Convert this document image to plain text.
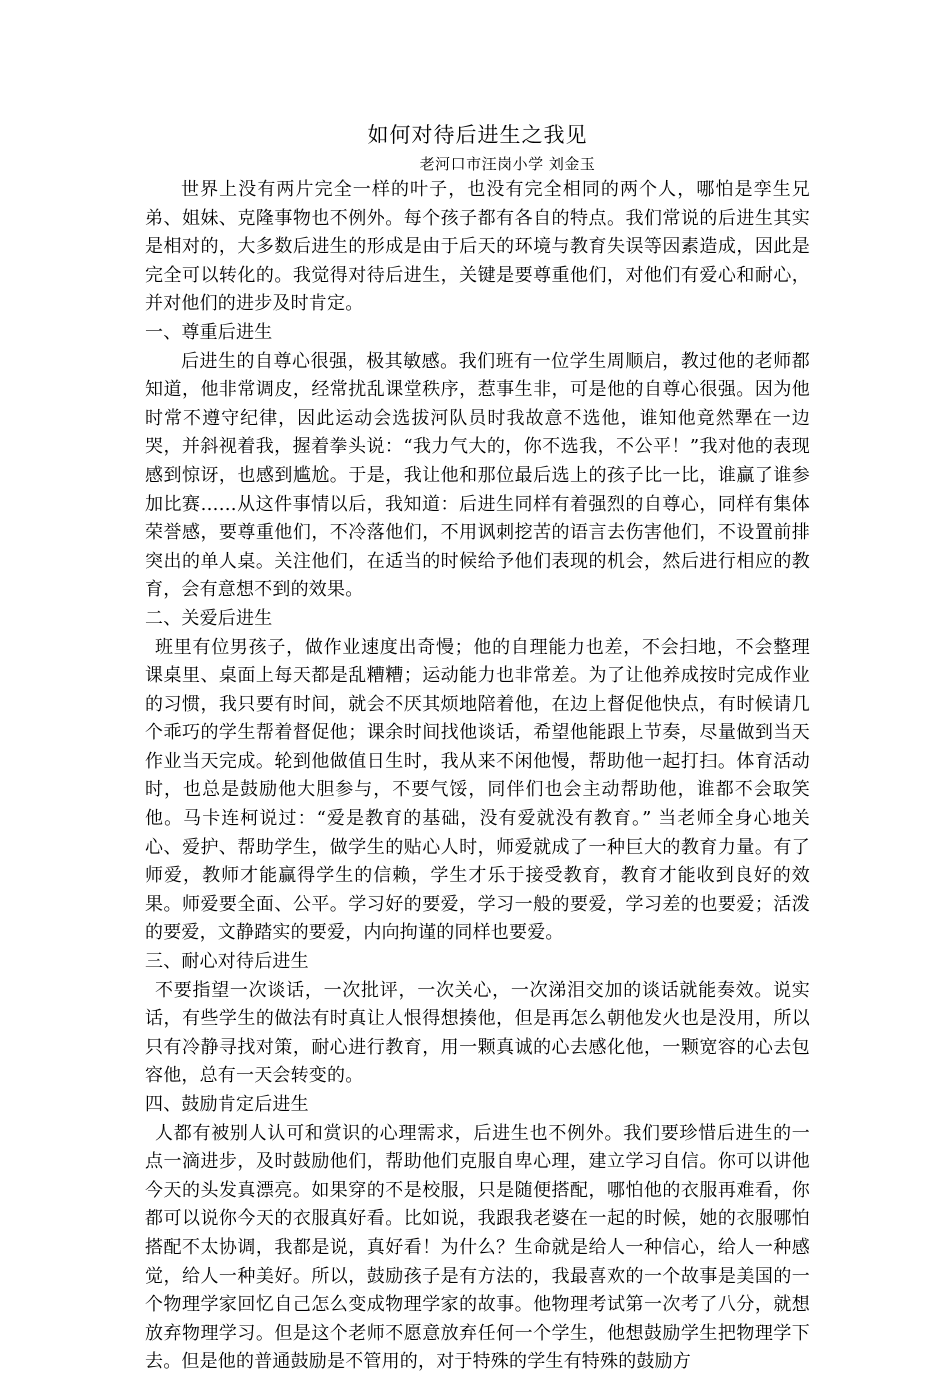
如何对待后进生之我见

老河口市汪岗小学 刘金玉

世界上没有两片完全一样的叶子，也没有完全相同的两个人，哪怕是孪生兄弟、姐妹、克隆事物也不例外。每个孩子都有各自的特点。我们常说的后进生其实是相对的，大多数后进生的形成是由于后天的环境与教育失误等因素造成，因此是完全可以转化的。我觉得对待后进生，关键是要尊重他们，对他们有爱心和耐心，并对他们的进步及时肯定。

一、尊重后进生

后进生的自尊心很强，极其敏感。我们班有一位学生周顺启，教过他的老师都知道，他非常调皮，经常扰乱课堂秩序，惹事生非，可是他的自尊心很强。因为他时常不遵守纪律，因此运动会选拔河队员时我故意不选他，谁知他竟然犟在一边哭，并斜视着我，握着拳头说：“我力气大的，你不选我，不公平！”我对他的表现感到惊讶，也感到尴尬。于是，我让他和那位最后选上的孩子比一比，谁赢了谁参加比赛……从这件事情以后，我知道：后进生同样有着强烈的自尊心，同样有集体荣誉感，要尊重他们，不冷落他们，不用讽刺挖苦的语言去伤害他们，不设置前排突出的单人桌。关注他们，在适当的时候给予他们表现的机会，然后进行相应的教育，会有意想不到的效果。

二、关爱后进生

班里有位男孩子，做作业速度出奇慢；他的自理能力也差，不会扫地，不会整理课桌里、桌面上每天都是乱糟糟；运动能力也非常差。为了让他养成按时完成作业的习惯，我只要有时间，就会不厌其烦地陪着他，在边上督促他快点，有时候请几个乖巧的学生帮着督促他；课余时间找他谈话，希望他能跟上节奏，尽量做到当天作业当天完成。轮到他做值日生时，我从来不闲他慢，帮助他一起打扫。体育活动时，也总是鼓励他大胆参与，不要气馁，同伴们也会主动帮助他，谁都不会取笑他。马卡连柯说过：“爱是教育的基础，没有爱就没有教育。” 当老师全身心地关心、爱护、帮助学生，做学生的贴心人时，师爱就成了一种巨大的教育力量。有了师爱，教师才能赢得学生的信赖，学生才乐于接受教育，教育才能收到良好的效果。师爱要全面、公平。学习好的要爱，学习一般的要爱，学习差的也要爱；活泼的要爱，文静踏实的要爱，内向拘谨的同样也要爱。

三、耐心对待后进生

不要指望一次谈话，一次批评，一次关心，一次涕泪交加的谈话就能奏效。说实话，有些学生的做法有时真让人恨得想揍他，但是再怎么朝他发火也是没用，所以只有冷静寻找对策，耐心进行教育，用一颗真诚的心去感化他，一颗宽容的心去包容他，总有一天会转变的。

四、鼓励肯定后进生

人都有被别人认可和赏识的心理需求，后进生也不例外。我们要珍惜后进生的一点一滴进步，及时鼓励他们，帮助他们克服自卑心理，建立学习自信。你可以讲他今天的头发真漂亮。如果穿的不是校服，只是随便搭配，哪怕他的衣服再难看，你都可以说你今天的衣服真好看。比如说，我跟我老婆在一起的时候，她的衣服哪怕搭配不太协调，我都是说，真好看！为什么？生命就是给人一种信心，给人一种感觉，给人一种美好。所以，鼓励孩子是有方法的，我最喜欢的一个故事是美国的一个物理学家回忆自己怎么变成物理学家的故事。他物理考试第一次考了八分，就想放弃物理学习。但是这个老师不愿意放弃任何一个学生，他想鼓励学生把物理学下去。但是他的普通鼓励是不管用的，对于特殊的学生有特殊的鼓励方
